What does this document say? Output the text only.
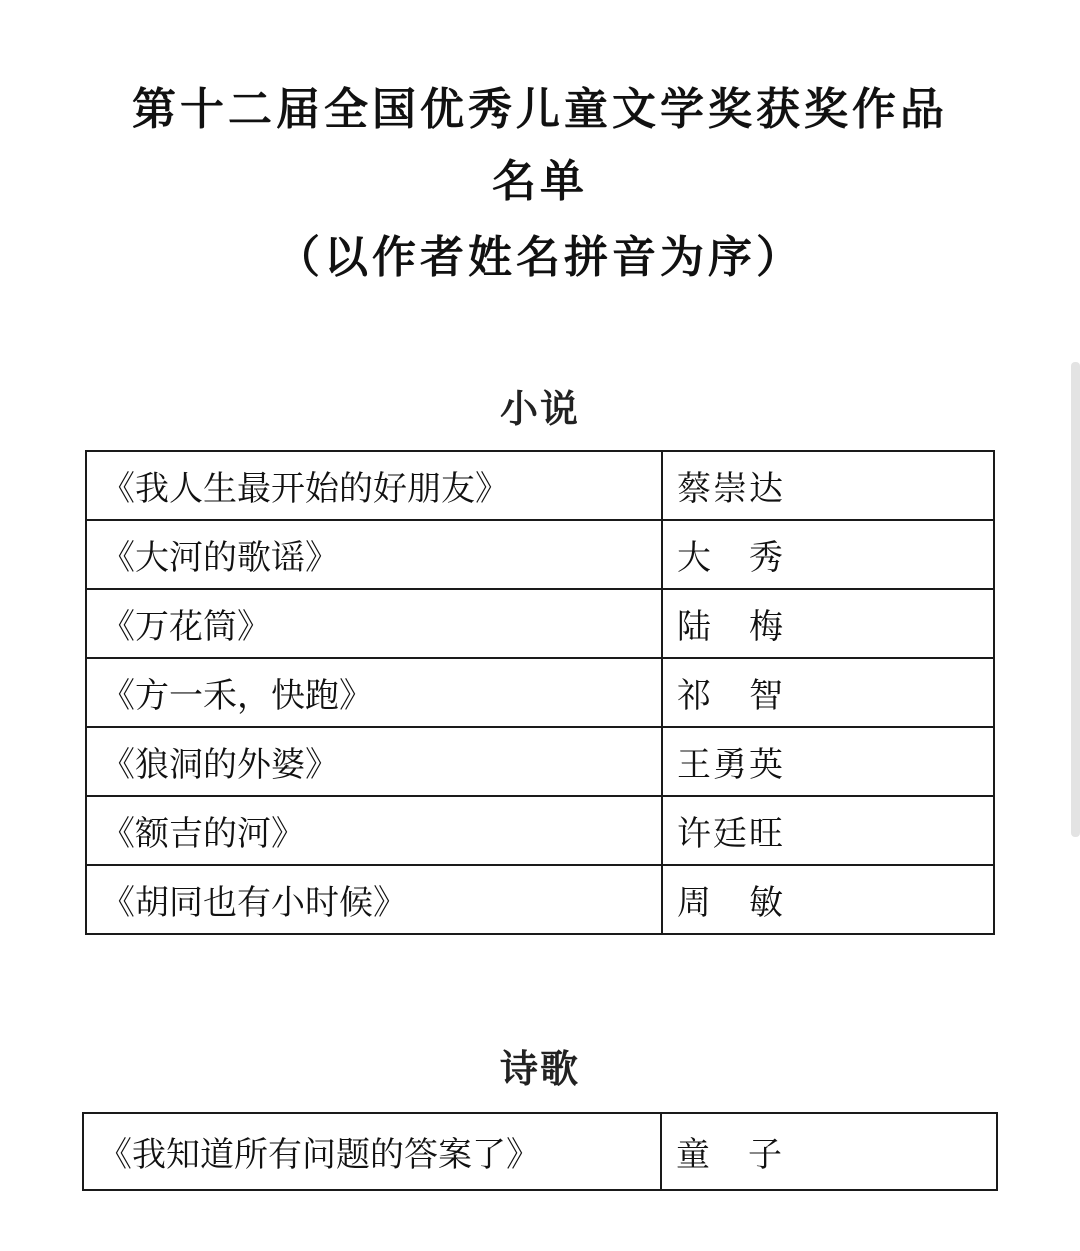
第十二届全国优秀儿童文学奖获奖作品
名单
（以作者姓名拼音为序）
小说
《我人生最开始的好朋友》	蔡崇达
《大河的歌谣》	大　秀
《万花筒》	陆　梅
《方一禾，快跑》	祁　智
《狼洞的外婆》	王勇英
《额吉的河》	许廷旺
《胡同也有小时候》	周　敏
诗歌
《我知道所有问题的答案了》	童　子
